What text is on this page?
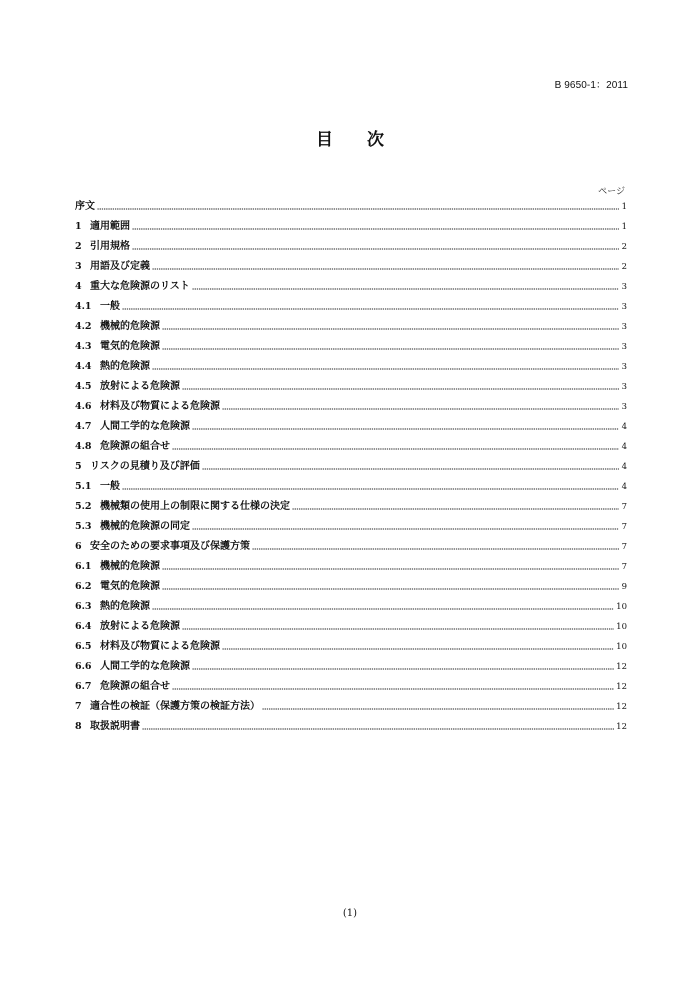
B 9650-1：2011
目 次
ページ
序文	1
1 適用範囲	1
2 引用規格	2
3 用語及び定義	2
4 重大な危険源のリスト	3
4.1 一般	3
4.2 機械的危険源	3
4.3 電気的危険源	3
4.4 熱的危険源	3
4.5 放射による危険源	3
4.6 材料及び物質による危険源	3
4.7 人間工学的な危険源	4
4.8 危険源の組合せ	4
5 リスクの見積り及び評価	4
5.1 一般	4
5.2 機械類の使用上の制限に関する仕様の決定	7
5.3 機械的危険源の同定	7
6 安全のための要求事項及び保護方策	7
6.1 機械的危険源	7
6.2 電気的危険源	9
6.3 熱的危険源	10
6.4 放射による危険源	10
6.5 材料及び物質による危険源	10
6.6 人間工学的な危険源	12
6.7 危険源の組合せ	12
7 適合性の検証（保護方策の検証方法）	12
8 取扱説明書	12
(1)
